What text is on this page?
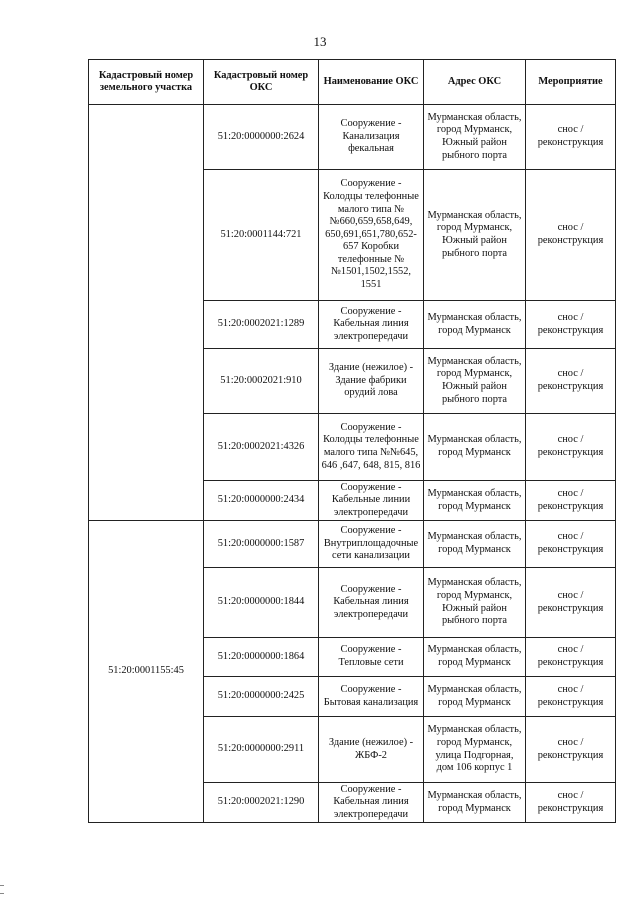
13
Кадастровый номер земельного участка	Кадастровый номер ОКС	Наименование ОКС	Адрес ОКС	Мероприятие
	51:20:0000000:2624	Сооружение - Канализация фекальная	Мурманская область, город Мурманск, Южный район рыбного порта	снос / реконструкция
	51:20:0001144:721	Сооружение - Колодцы телефонные малого типа №№660,659,658,649, 650,691,651,780,652-657 Коробки телефонные №№1501,1502,1552, 1551	Мурманская область, город Мурманск, Южный район рыбного порта	снос / реконструкция
	51:20:0002021:1289	Сооружение - Кабельная линия электропередачи	Мурманская область, город Мурманск	снос / реконструкция
	51:20:0002021:910	Здание (нежилое) - Здание фабрики орудий лова	Мурманская область, город Мурманск, Южный район рыбного порта	снос / реконструкция
	51:20:0002021:4326	Сооружение - Колодцы телефонные малого типа №№645, 646 ,647, 648, 815, 816	Мурманская область, город Мурманск	снос / реконструкция
	51:20:0000000:2434	Сооружение - Кабельные линии электропередачи	Мурманская область, город Мурманск	снос / реконструкция
51:20:0001155:45	51:20:0000000:1587	Сооружение - Внутриплощадочные сети канализации	Мурманская область, город Мурманск	снос / реконструкция
	51:20:0000000:1844	Сооружение - Кабельная линия электропередачи	Мурманская область, город Мурманск, Южный район рыбного порта	снос / реконструкция
	51:20:0000000:1864	Сооружение - Тепловые сети	Мурманская область, город Мурманск	снос / реконструкция
	51:20:0000000:2425	Сооружение - Бытовая канализация	Мурманская область, город Мурманск	снос / реконструкция
	51:20:0000000:2911	Здание (нежилое) - ЖБФ-2	Мурманская область, город Мурманск, улица Подгорная, дом 106 корпус 1	снос / реконструкция
	51:20:0002021:1290	Сооружение - Кабельная линия электропередачи	Мурманская область, город Мурманск	снос / реконструкция
